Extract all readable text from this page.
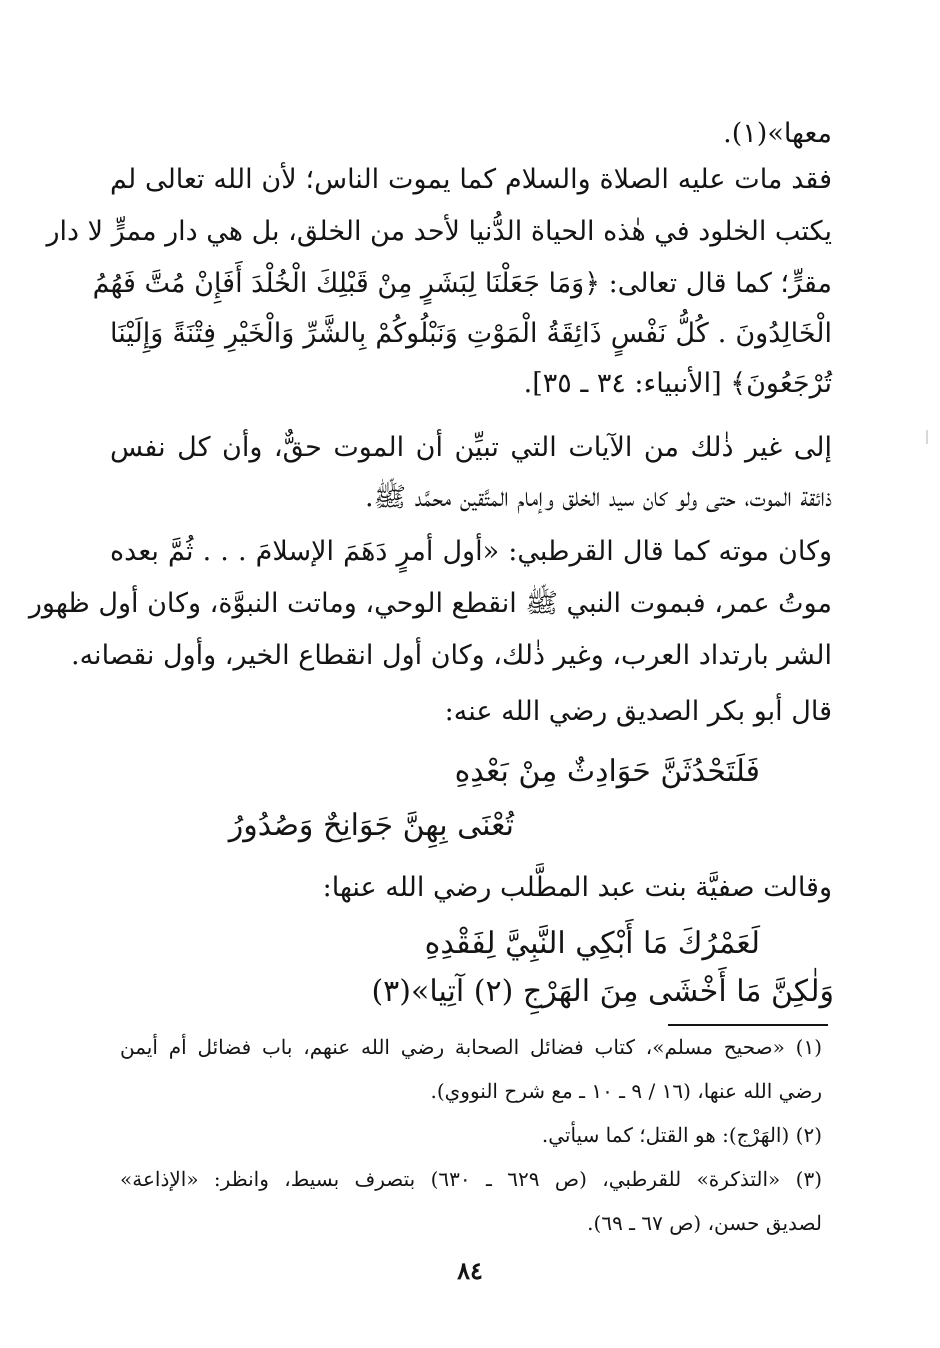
معها»(١).
فقد مات عليه الصلاة والسلام كما يموت الناس؛ لأن الله تعالى لم
يكتب الخلود في هٰذه الحياة الدُّنيا لأحد من الخلق، بل هي دار ممرٍّ لا دار
مقرٍّ؛ كما قال تعالى: ﴿وَمَا جَعَلْنَا لِبَشَرٍ مِنْ قَبْلِكَ الْخُلْدَ أَفَإِنْ مُتَّ فَهُمُ
الْخَالِدُونَ . كُلُّ نَفْسٍ ذَائِقَةُ الْمَوْتِ وَنَبْلُوكُمْ بِالشَّرِّ وَالْخَيْرِ فِتْنَةً وَإِلَيْنَا
تُرْجَعُونَ﴾ [الأنبياء: ٣٤ ـ ٣٥].
إلى غير ذٰلك من الآيات التي تبيِّن أن الموت حقٌّ، وأن كل نفس
ذائقة الموت، حتى ولو كان سيد الخلق وإمام المتَّقين محمَّد ﷺ.
وكان موته كما قال القرطبي: «أول أمرٍ دَهَمَ الإسلامَ . . . ثُمَّ بعده
موتُ عمر، فبموت النبي ﷺ انقطع الوحي، وماتت النبوَّة، وكان أول ظهور
الشر بارتداد العرب، وغير ذٰلك، وكان أول انقطاع الخير، وأول نقصانه.
قال أبو بكر الصديق رضي الله عنه:
فَلَتَحْدُثَنَّ حَوَادِثٌ مِنْ بَعْدِهِ
تُعْنَى بِهِنَّ جَوَانِحٌ وَصُدُورُ
وقالت صفيَّة بنت عبد المطَّلب رضي الله عنها:
لَعَمْرُكَ مَا أَبْكِي النَّبِيَّ لِفَقْدِهِ
وَلٰكِنَّ مَا أَخْشَى مِنَ الهَرْجِ (٢) آتِيا»(٣)
(١) «صحيح مسلم»، كتاب فضائل الصحابة رضي الله عنهم، باب فضائل أم أيمن
رضي الله عنها، (١٦ / ٩ ـ ١٠ ـ مع شرح النووي).
(٢) (الهَرْج): هو القتل؛ كما سيأتي.
(٣) «التذكرة» للقرطبي، (ص ٦٢٩ ـ ٦٣٠) بتصرف بسيط، وانظر: «الإذاعة»
لصديق حسن، (ص ٦٧ ـ ٦٩).
٨٤
